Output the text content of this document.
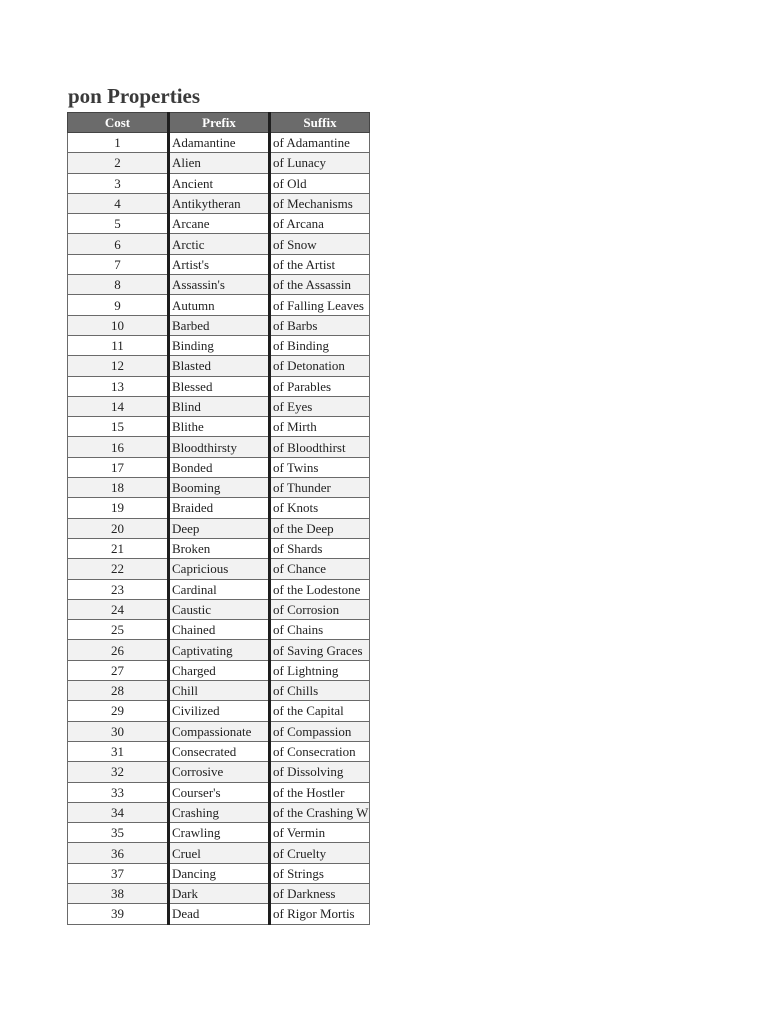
pon Properties
Cost	Prefix	Suffix
1	Adamantine	of Adamantine
2	Alien	of Lunacy
3	Ancient	of Old
4	Antikytheran	of Mechanisms
5	Arcane	of Arcana
6	Arctic	of Snow
7	Artist's	of the Artist
8	Assassin's	of the Assassin
9	Autumn	of Falling Leaves
10	Barbed	of Barbs
11	Binding	of Binding
12	Blasted	of Detonation
13	Blessed	of Parables
14	Blind	of Eyes
15	Blithe	of Mirth
16	Bloodthirsty	of Bloodthirst
17	Bonded	of Twins
18	Booming	of Thunder
19	Braided	of Knots
20	Deep	of the Deep
21	Broken	of Shards
22	Capricious	of Chance
23	Cardinal	of the Lodestone
24	Caustic	of Corrosion
25	Chained	of Chains
26	Captivating	of Saving Graces
27	Charged	of Lightning
28	Chill	of Chills
29	Civilized	of the Capital
30	Compassionate	of Compassion
31	Consecrated	of Consecration
32	Corrosive	of Dissolving
33	Courser's	of the Hostler
34	Crashing	of the Crashing W
35	Crawling	of Vermin
36	Cruel	of Cruelty
37	Dancing	of Strings
38	Dark	of Darkness
39	Dead	of Rigor Mortis
